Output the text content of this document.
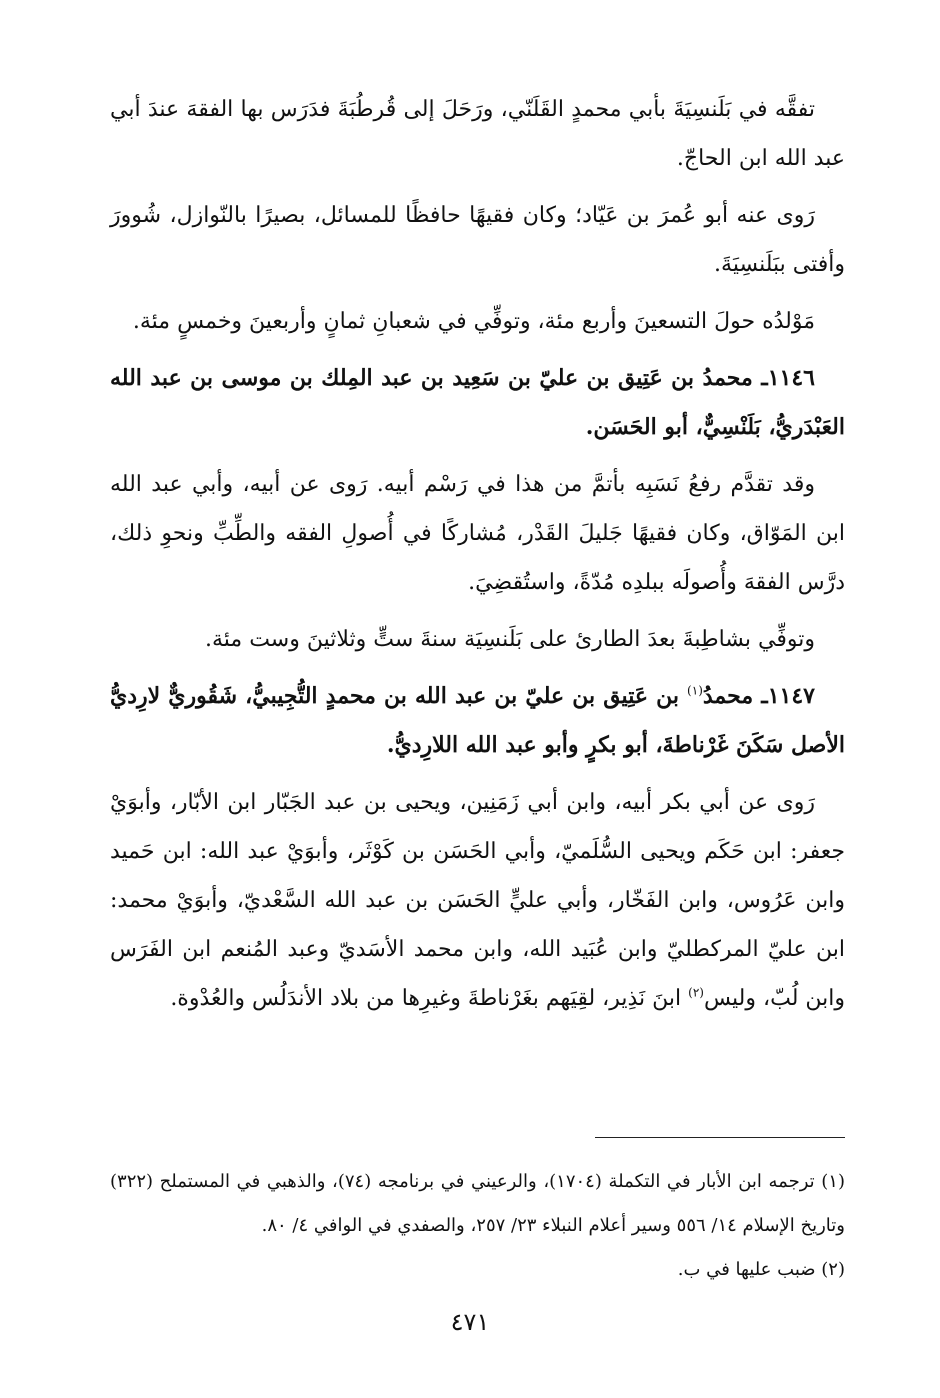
تفقَّه في بَلَنسِيَةَ بأبي محمدٍ القَلَنّي، ورَحَلَ إلى قُرطُبَةَ فدَرَس بها الفقهَ عندَ أبي عبد الله ابن الحاجّ.

رَوى عنه أبو عُمرَ بن عَيّاد؛ وكان فقيهًا حافظًا للمسائل، بصيرًا بالنّوازل، شُوورَ وأفتى ببَلَنسِيَةَ.

مَوْلدُه حولَ التسعينَ وأربع مئة، وتوفِّي في شعبانِ ثمانٍ وأربعينَ وخمسٍ مئة.

١١٤٦ـ محمدُ بن عَتِيق بن عليّ بن سَعِيد بن عبد المِلك بن موسى بن عبد الله العَبْدَريُّ، بَلَنْسِيٌّ، أبو الحَسَن.

وقد تقدَّم رفعُ نَسَبِه بأتمَّ من هذا في رَسْم أبيه. رَوى عن أبيه، وأبي عبد الله ابن المَوّاق، وكان فقيهًا جَليلَ القَدْر، مُشاركًا في أُصولِ الفقه والطِّبِّ ونحوِ ذلك، درَّس الفقهَ وأُصولَه ببلدِه مُدّةً، واستُقضِيَ.

وتوفِّي بشاطِبةَ بعدَ الطارئ على بَلَنسِيَة سنةَ ستٍّ وثلاثينَ وست مئة.

١١٤٧ـ محمدُ$^{(١)}$ بن عَتِيق بن عليّ بن عبد الله بن محمدٍ التُّجِيبيُّ، شَقُوريٌّ لارِديُّ الأصل سَكَنَ غَرْناطةَ، أبو بكرٍ وأبو عبد الله اللارِديُّ.

رَوى عن أبي بكر أبيه، وابن أبي زَمَنِين، ويحيى بن عبد الجَبّار ابن الأبّار، وأبوَيْ جعفر: ابن حَكَم ويحيى السُّلَميّ، وأبي الحَسَن بن كَوْثَر، وأبوَيْ عبد الله: ابن حَميد وابن عَرُوس، وابن الفَخّار، وأبي عليٍّ الحَسَن بن عبد الله السَّعْديّ، وأبوَيْ محمد: ابن عليّ المركطليّ وابن عُبَيد الله، وابن محمد الأسَديّ وعبد المُنعم ابن الفَرَس وابن لُبّ، وليس$^{(٢)}$ ابنَ نَذِير، لقِيَهم بغَرْناطةَ وغيرِها من بلاد الأندَلُس والعُدْوة.

(١) ترجمه ابن الأبار في التكملة (١٧٠٤)، والرعيني في برنامجه (٧٤)، والذهبي في المستملح (٣٢٢) وتاريخ الإسلام ١٤/ ٥٥٦ وسير أعلام النبلاء ٢٣/ ٢٥٧، والصفدي في الوافي ٤/ ٨٠.

(٢) ضبب عليها في ب.

٤٧١
